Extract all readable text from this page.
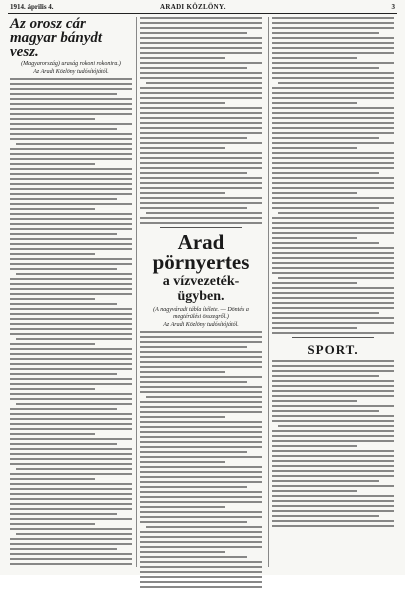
1914. április 4.	ARADI KÖZLÖNY.	3
Az orosz cár
magyar bánydt vesz.
(Magyarország) uraság rokoni rokonira.)
Az Aradi Közlöny tudósítójától.
Arad pörnyertes
a vízvezeték-ügyben.
(A nagyváradi tábla ítélete. — Döntés a megtérülési összegről.)
Az Aradi Közlöny tudósítójától.
SPORT.
